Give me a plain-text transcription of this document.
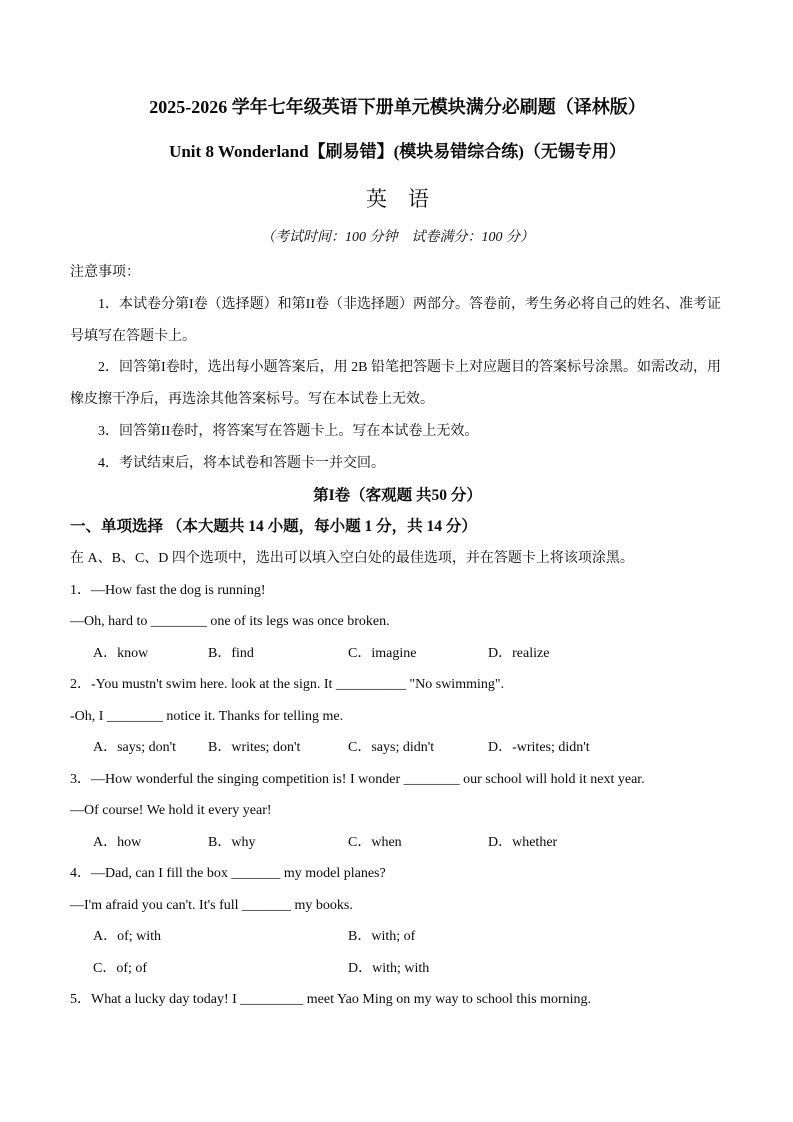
2025-2026 学年七年级英语下册单元模块满分必刷题（译林版）
Unit 8 Wonderland【刷易错】(模块易错综合练)（无锡专用）
英　语
（考试时间：100 分钟　试卷满分：100 分）
注意事项：
1．本试卷分第I卷（选择题）和第II卷（非选择题）两部分。答卷前，考生务必将自己的姓名、准考证
号填写在答题卡上。
2．回答第I卷时，选出每小题答案后，用 2B 铅笔把答题卡上对应题目的答案标号涂黑。如需改动，用
橡皮擦干净后，再选涂其他答案标号。写在本试卷上无效。
3．回答第II卷时，将答案写在答题卡上。写在本试卷上无效。
4．考试结束后，将本试卷和答题卡一并交回。
第I卷（客观题 共50 分）
一、单项选择 （本大题共 14 小题，每小题 1 分，共 14 分）
在 A、B、C、D 四个选项中，选出可以填入空白处的最佳选项，并在答题卡上将该项涂黑。
1．—How fast the dog is running!
—Oh, hard to ________ one of its legs was once broken.
A．know	B．find	C．imagine	D．realize
2．-You mustn't swim here. look at the sign. It __________ "No swimming".
-Oh, I ________ notice it. Thanks for telling me.
A．says; don't	B．writes; don't	C．says; didn't	D．-writes; didn't
3．—How wonderful the singing competition is! I wonder ________ our school will hold it next year.
—Of course! We hold it every year!
A．how	B．why	C．when	D．whether
4．—Dad, can I fill the box _______ my model planes?
—I'm afraid you can't. It's full _______ my books.
A．of; with	B．with; of
C．of; of	D．with; with
5．What a lucky day today! I _________ meet Yao Ming on my way to school this morning.
